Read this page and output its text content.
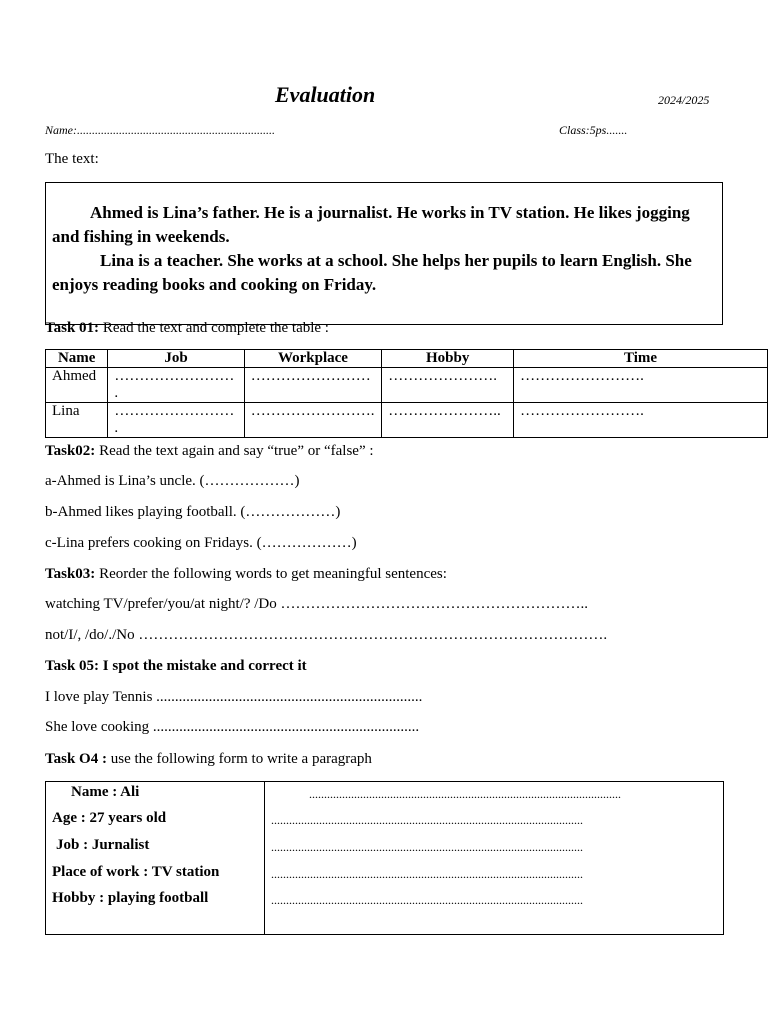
Evaluation	2024/2025
Name:..................................................................	Class:5ps.......
The text:

Ahmed is Lina’s father. He is a journalist. He works in TV station. He likes jogging and fishing in weekends.

Lina is a teacher. She works at a school. She helps her pupils to learn English. She enjoys reading books and cooking on Friday.

Task 01: Read the text and complete the table :
Name	Job	Workplace	Hobby	Time
Ahmed	…………………… .	……………………	………………….	…………………….
Lina	…………………… .	…………………….	…………………..	…………………….
Task02: Read the text again and say “true” or “false” :
a-Ahmed is Lina’s uncle. (………………)
b-Ahmed likes playing football. (………………)
c-Lina prefers cooking on Fridays. (………………)
Task03: Reorder the following words to get meaningful sentences:
watching TV/prefer/you/at night/? /Do ……………………………………………………..
not/I/, /do/./No ………………………………………………………………………………….
Task 05: I spot the mistake and correct it
I love play Tennis .......................................................................
She love cooking .......................................................................
Task O4 : use the following form to write a paragraph
Name : Ali	........................................................................................................
Age : 27 years old	........................................................................................................
Job : Jurnalist	........................................................................................................
Place of work : TV station	........................................................................................................
Hobby : playing football	........................................................................................................
